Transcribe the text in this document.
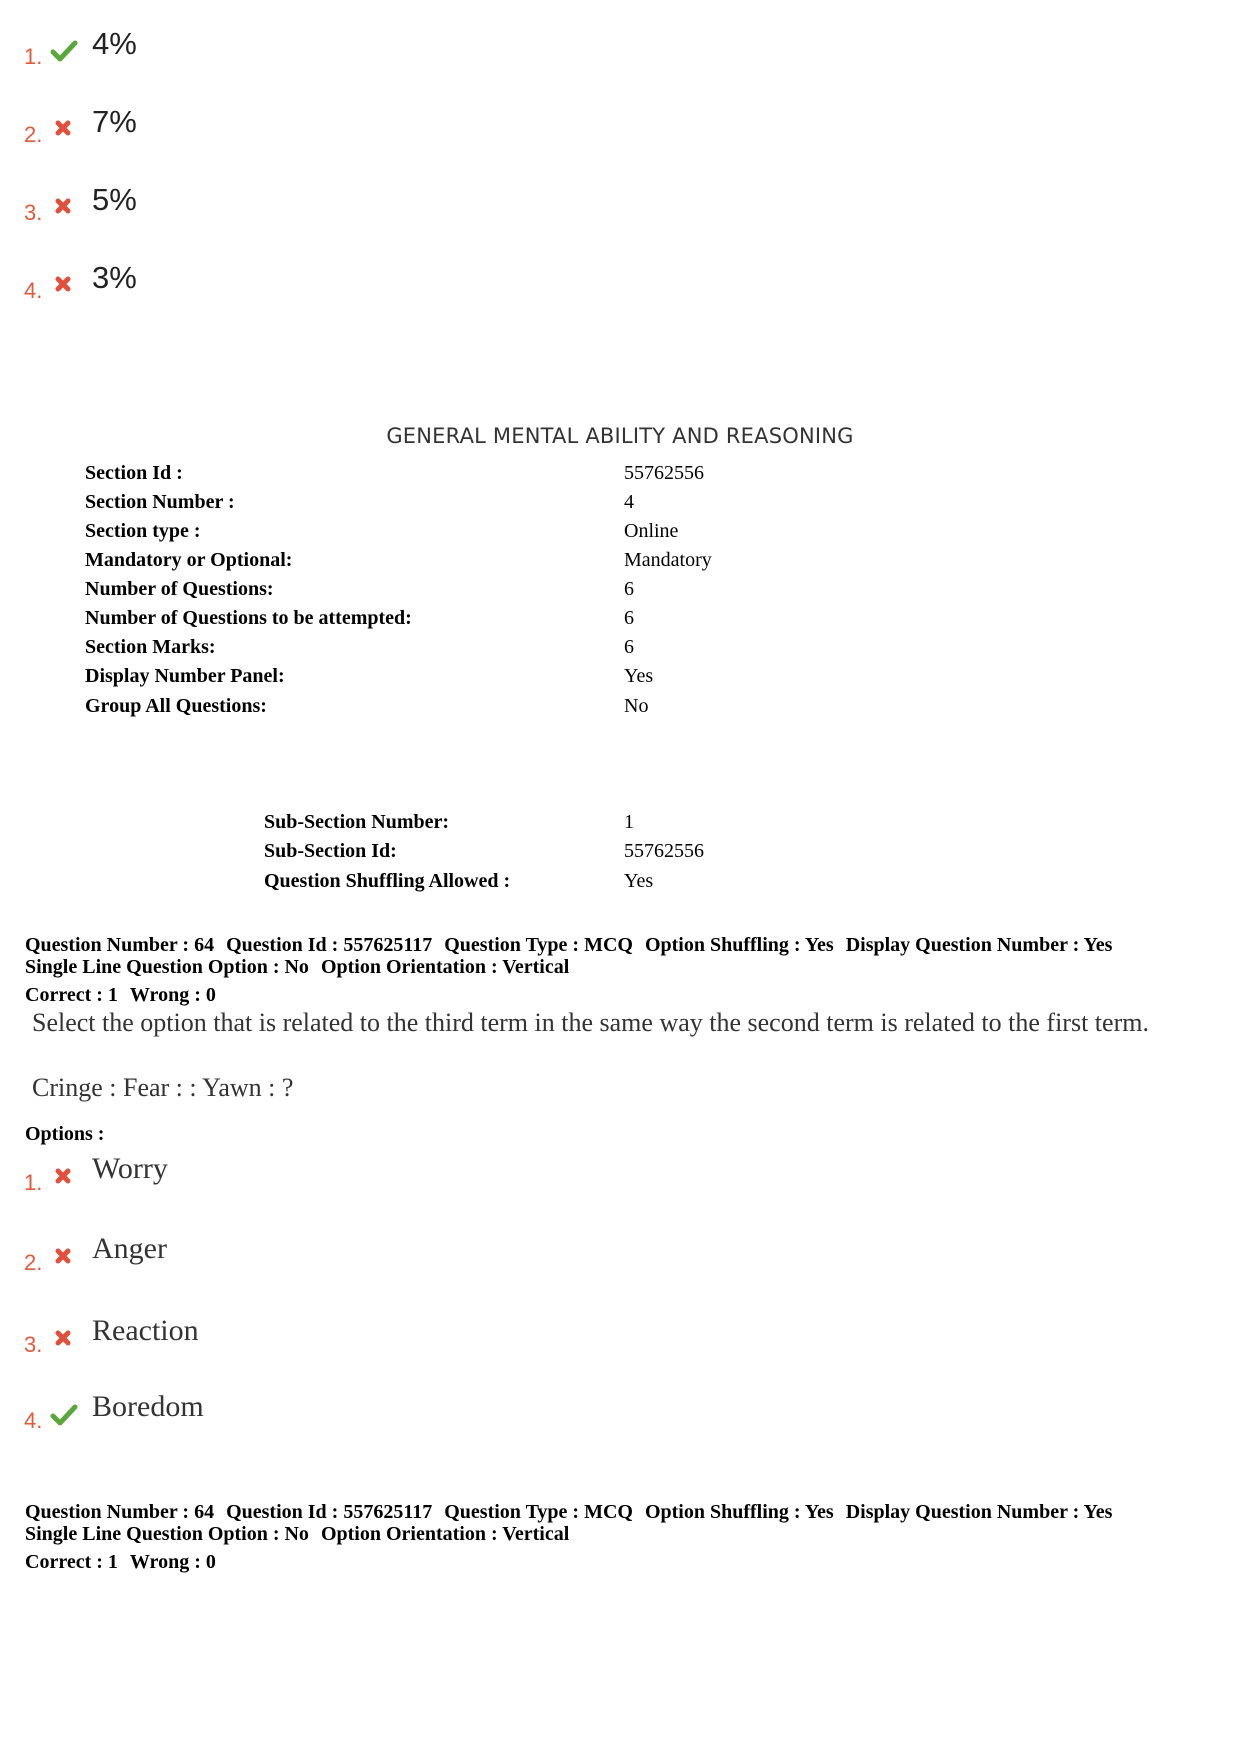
1. 4%
2. 7%
3. 5%
4. 3%
GENERAL MENTAL ABILITY AND REASONING
Section Id :	55762556
Section Number :	4
Section type :	Online
Mandatory or Optional:	Mandatory
Number of Questions:	6
Number of Questions to be attempted:	6
Section Marks:	6
Display Number Panel:	Yes
Group All Questions:	No
Sub-Section Number:	1
Sub-Section Id:	55762556
Question Shuffling Allowed :	Yes
Question Number : 64 Question Id : 557625117 Question Type : MCQ Option Shuffling : Yes Display Question Number : Yes
Single Line Question Option : No Option Orientation : Vertical
Correct : 1 Wrong : 0
Select the option that is related to the third term in the same way the second term is related to the first term.
Cringe : Fear : : Yawn : ?
Options :
1. Worry
2. Anger
3. Reaction
4. Boredom
Question Number : 64 Question Id : 557625117 Question Type : MCQ Option Shuffling : Yes Display Question Number : Yes
Single Line Question Option : No Option Orientation : Vertical
Correct : 1 Wrong : 0
